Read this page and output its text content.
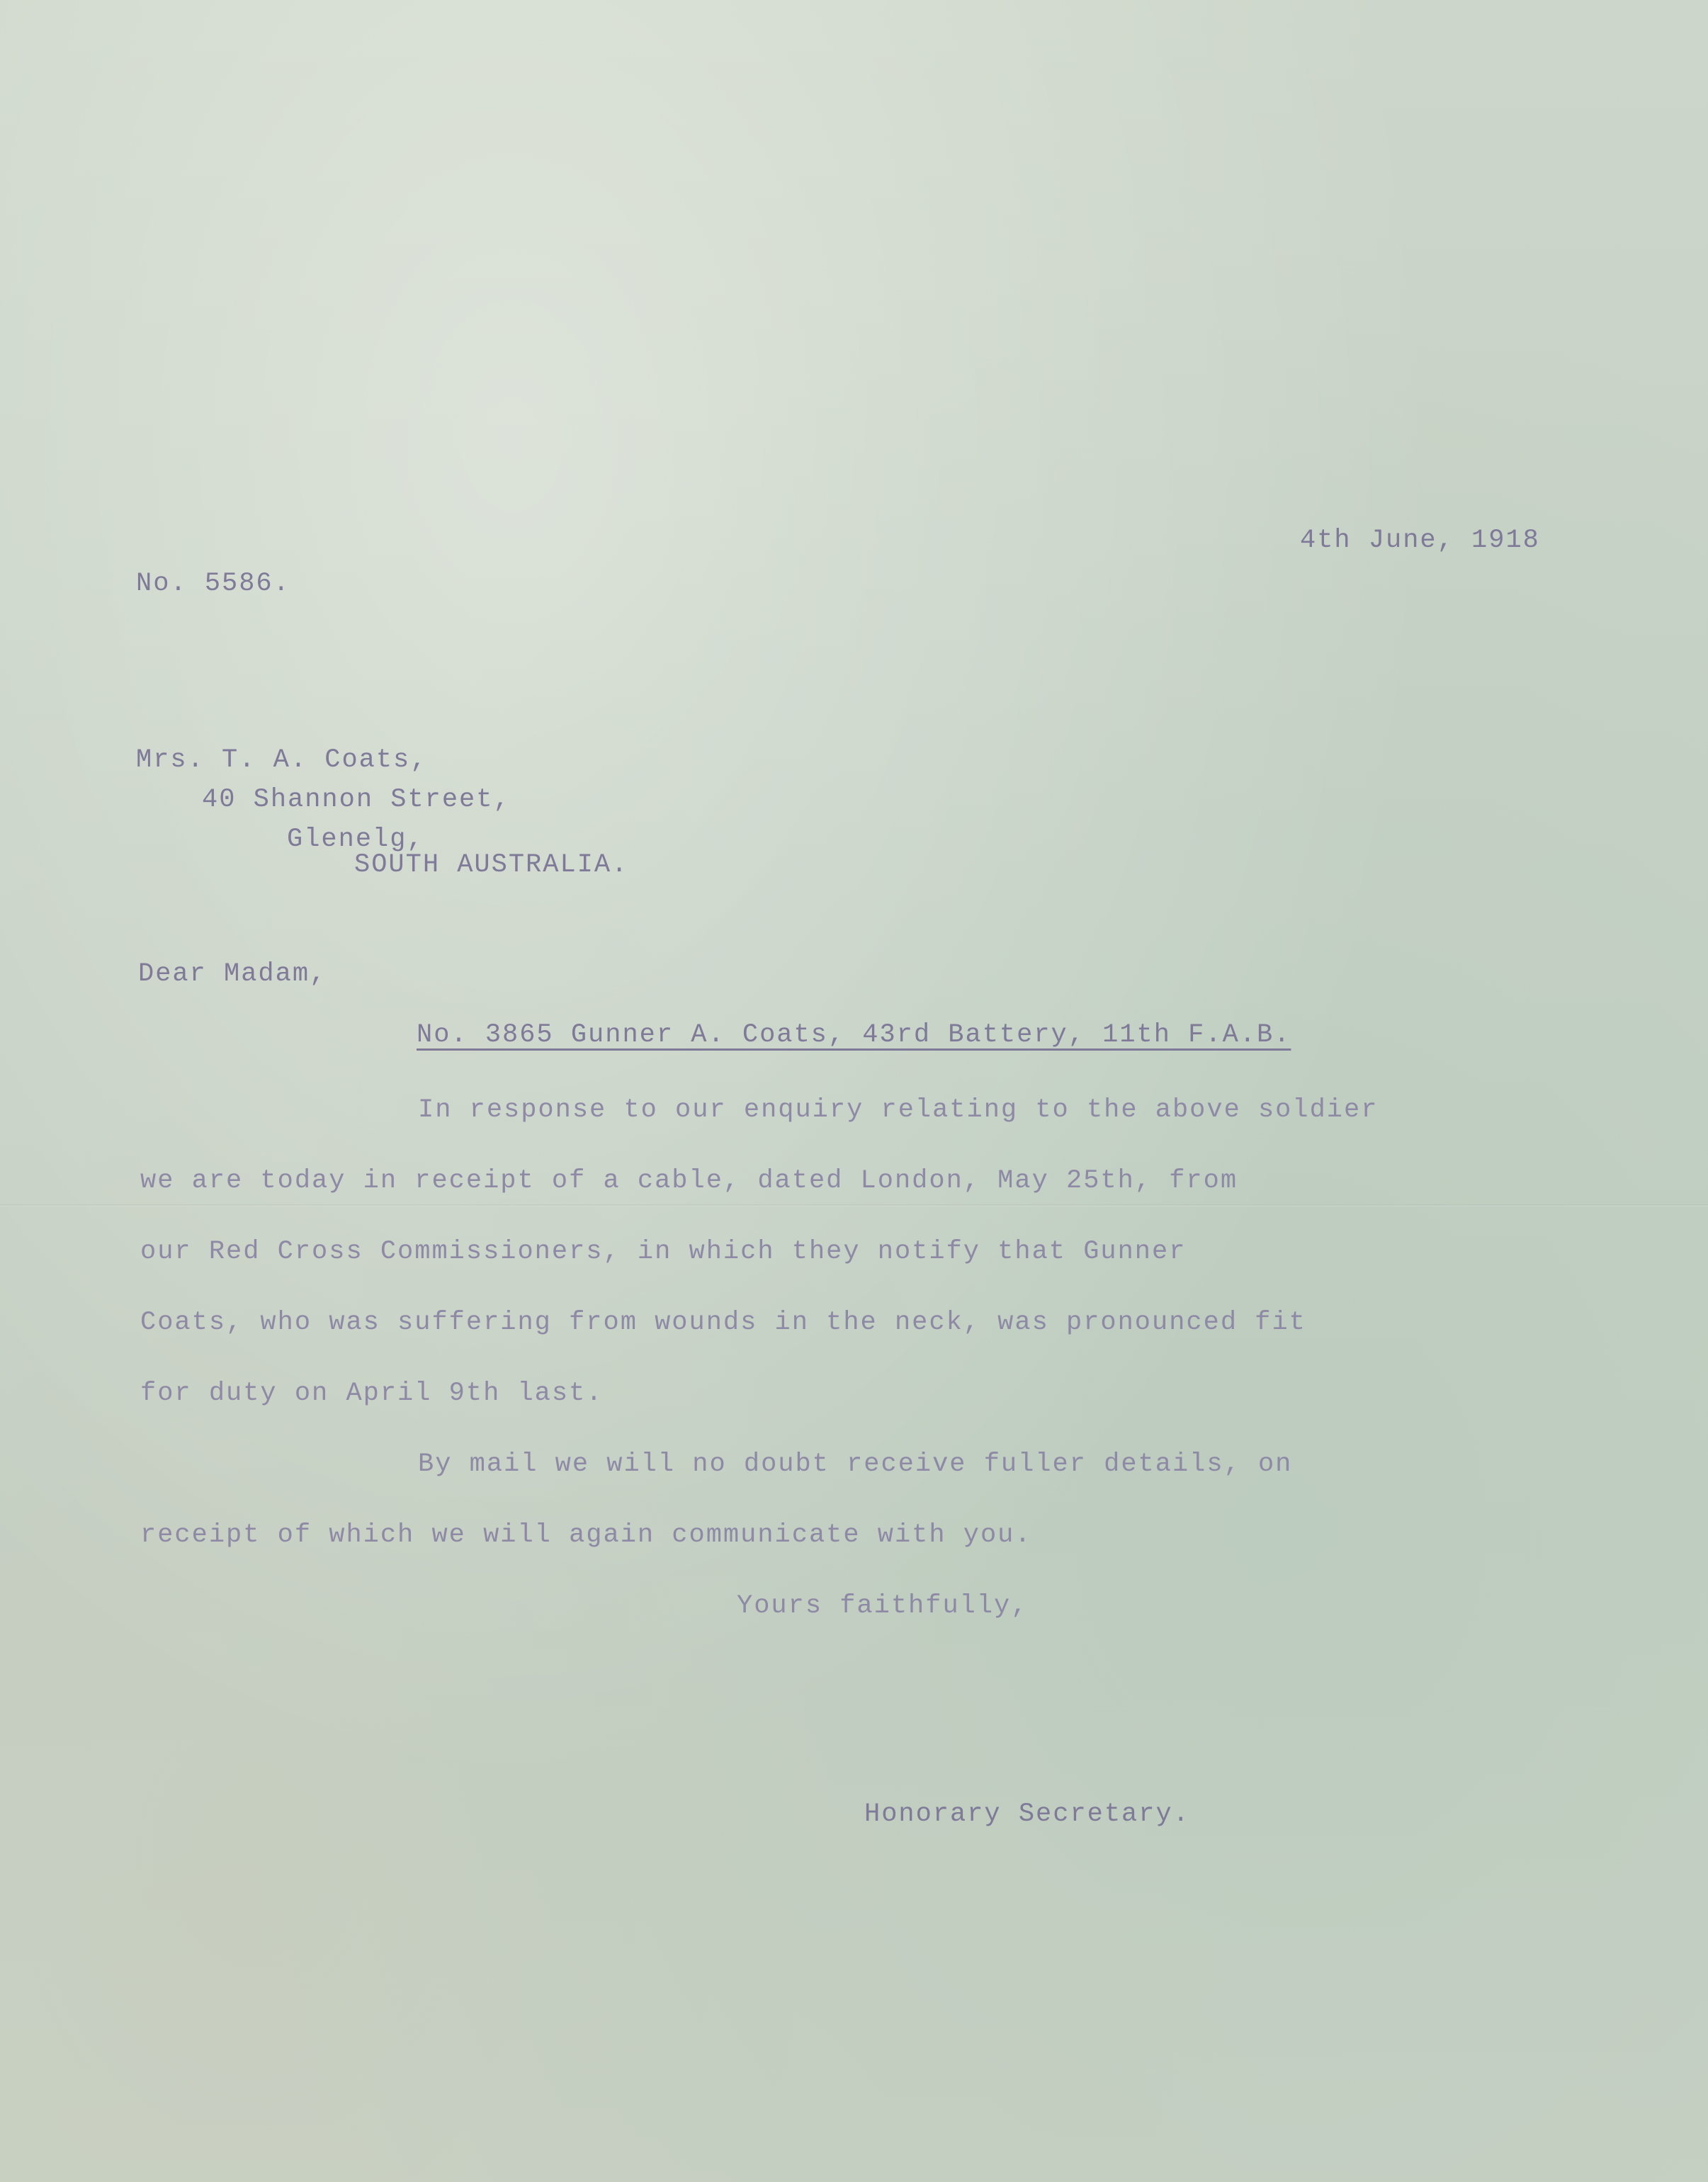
4th June, 1918

No. 5586.

Mrs. T. A. Coats,

40 Shannon Street,

Glenelg,

SOUTH AUSTRALIA.

Dear Madam,

No. 3865 Gunner A. Coats, 43rd Battery, 11th F.A.B.

In response to our enquiry relating to the above soldier

we are today in receipt of a cable, dated London, May 25th, from

our Red Cross Commissioners, in which they notify that Gunner

Coats, who was suffering from wounds in the neck, was pronounced fit

for duty on April 9th last.

By mail we will no doubt receive fuller details, on

receipt of which we will again communicate with you.

Yours faithfully,

Honorary Secretary.
